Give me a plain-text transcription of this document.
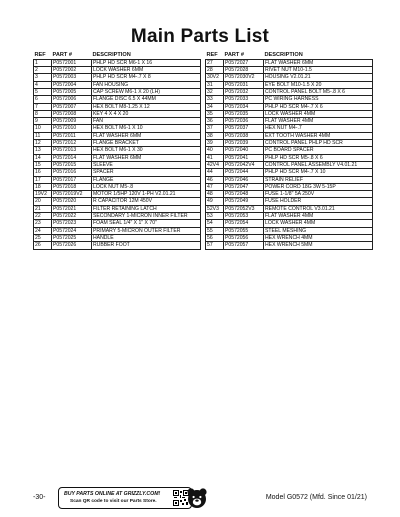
Main Parts List
REF	PART #	DESCRIPTION
1	P0572001	PHLP HD SCR M6-1 X 16
2	P0572002	LOCK WASHER 6MM
3	P0572003	PHLP HD SCR M4-.7 X 8
4	P0572004	FAN HOUSING
5	P0572005	CAP SCREW M6-1 X 20 (LH)
6	P0572006	FLANGE DISC 6.5 X 44MM
7	P0572007	HEX BOLT M8-1.25 X 12
8	P0572008	KEY 4 X 4 X 20
9	P0572009	FAN
10	P0572010	HEX BOLT M6-1 X 10
11	P0572011	FLAT WASHER 6MM
12	P0572012	FLANGE BRACKET
13	P0572013	HEX BOLT M6-1 X 30
14	P0572014	FLAT WASHER 6MM
15	P0572015	SLEEVE
16	P0572016	SPACER
17	P0572017	FLANGE
18	P0572018	LOCK NUT M5-.8
19V2	P0572019V2	MOTOR 1/5HP 120V 1-PH V2.01.21
20	P0572020	R CAPACITOR 12M 450V
21	P0572021	FILTER RETAINING LATCH
22	P0572022	SECONDARY 1-MICRON INNER FILTER
23	P0572023	FOAM SEAL 1/4" X 1" X 70"
24	P0572024	PRIMARY 5-MICRON OUTER FILTER
25	P0572025	HANDLE
26	P0572026	RUBBER FOOT
REF	PART #	DESCRIPTION
27	P0572027	FLAT WASHER 6MM
28	P0572028	RIVET NUT M10-1.5
30V2	P0572030V2	HOUSING V2.01.21
31	P0572031	EYE BOLT M10-1.5 X 20
32	P0572032	CONTROL PANEL BOLT M5-.8 X 6
33	P0572033	PC WIRING HARNESS
34	P0572034	PHLP HD SCR M4-.7 X 6
35	P0572035	LOCK WASHER 4MM
36	P0572036	FLAT WASHER 4MM
37	P0572037	HEX NUT M4-.7
38	P0572038	EXT TOOTH WASHER 4MM
39	P0572039	CONTROL PANEL PHLP HD SCR
40	P0572040	PC BOARD SPACER
41	P0572041	PHLP HD SCR M5-.8 X 6
42V4	P0572042V4	CONTROL PANEL ASSEMBLY V4.01.21
44	P0572044	PHLP HD SCR M4-.7 X 10
46	P0572046	STRAIN RELIEF
47	P0572047	POWER CORD 18G 3W 5-15P
48	P0572048	FUSE 1-1/8" 5A 250V
49	P0572049	FUSE HOLDER
52V3	P0572052V3	REMOTE CONTROL V3.01.21
53	P0572053	FLAT WASHER 4MM
54	P0572054	LOCK WASHER 4MM
55	P0572055	STEEL MESHING
56	P0572056	HEX WRENCH 4MM
57	P0572057	HEX WRENCH 5MM
-30-	BUY PARTS ONLINE AT GRIZZLY.COM!
Scan QR code to visit our Parts Store.
Model G0572 (Mfd. Since 01/21)
